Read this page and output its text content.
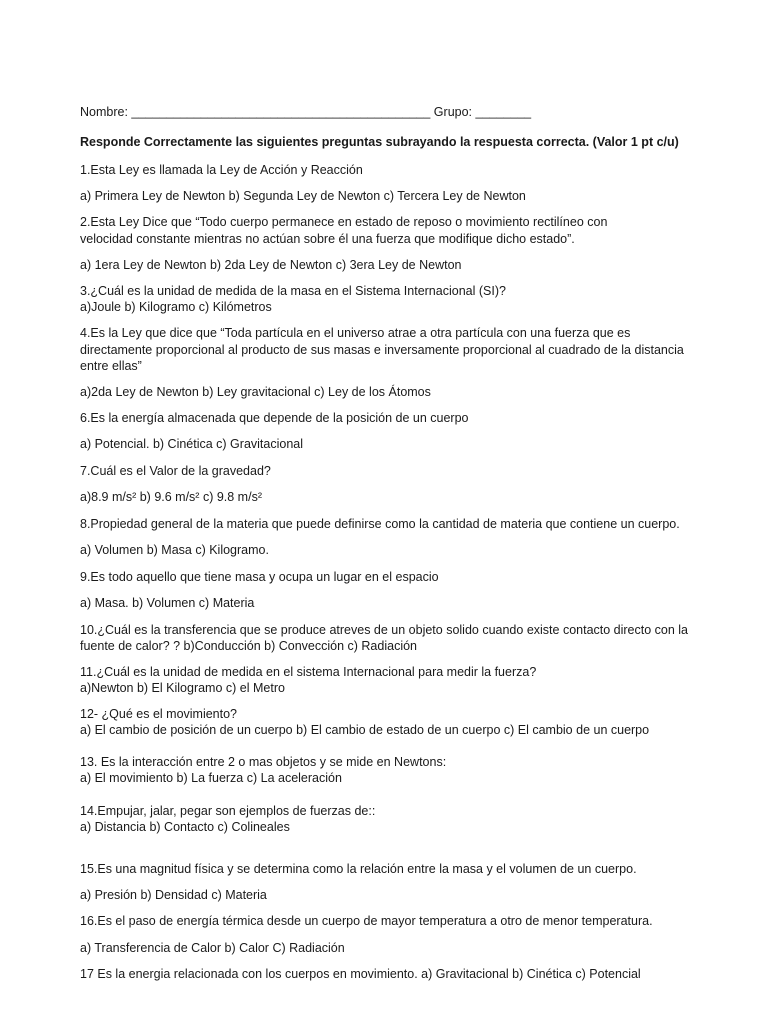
Nombre: ___________________________________________ Grupo: ________
Responde Correctamente las siguientes preguntas subrayando la respuesta correcta. (Valor 1 pt c/u)
1.Esta Ley es llamada la Ley de Acción y Reacción
a) Primera Ley de Newton b) Segunda Ley de Newton c) Tercera Ley de Newton
2.Esta Ley Dice que “Todo cuerpo permanece en estado de reposo o movimiento rectilíneo con
velocidad constante mientras no actúan sobre él una fuerza que modifique dicho estado”.
a) 1era Ley de Newton b) 2da Ley de Newton c) 3era Ley de Newton
3.¿Cuál es la unidad de medida de la masa en el Sistema Internacional (SI)?
a)Joule b) Kilogramo c) Kilómetros
4.Es la Ley que dice que “Toda partícula en el universo atrae a otra partícula con una fuerza que es
directamente proporcional al producto de sus masas e inversamente proporcional al cuadrado de la distancia
entre ellas”
a)2da Ley de Newton b) Ley gravitacional c) Ley de los Átomos
6.Es la energía almacenada que depende de la posición de un cuerpo
a) Potencial. b) Cinética c) Gravitacional
7.Cuál es el Valor de la gravedad?
a)8.9 m/s² b) 9.6 m/s² c) 9.8 m/s²
8.Propiedad general de la materia que puede definirse como la cantidad de materia que contiene un cuerpo.
a) Volumen b) Masa c) Kilogramo.
9.Es todo aquello que tiene masa y ocupa un lugar en el espacio
a) Masa. b) Volumen c) Materia
10.¿Cuál es la transferencia que se produce atreves de un objeto solido cuando existe contacto directo con la
fuente de calor? ? b)Conducción b) Convección c) Radiación
11.¿Cuál es la unidad de medida en el sistema Internacional para medir la fuerza?
a)Newton b) El Kilogramo c) el Metro
12- ¿Qué es el movimiento?
a) El cambio de posición de un cuerpo b) El cambio de estado de un cuerpo c) El cambio de un cuerpo
13. Es la interacción entre 2 o mas objetos y se mide en Newtons:
a) El movimiento b) La fuerza c) La aceleración
14.Empujar, jalar, pegar son ejemplos de fuerzas de::
a) Distancia b) Contacto c) Colineales
15.Es una magnitud física y se determina como la relación entre la masa y el volumen de un cuerpo.
a) Presión b) Densidad c) Materia
16.Es el paso de energía térmica desde un cuerpo de mayor temperatura a otro de menor temperatura.
a) Transferencia de Calor b) Calor C) Radiación
17 Es la energia relacionada con los cuerpos en movimiento. a) Gravitacional b) Cinética c) Potencial
